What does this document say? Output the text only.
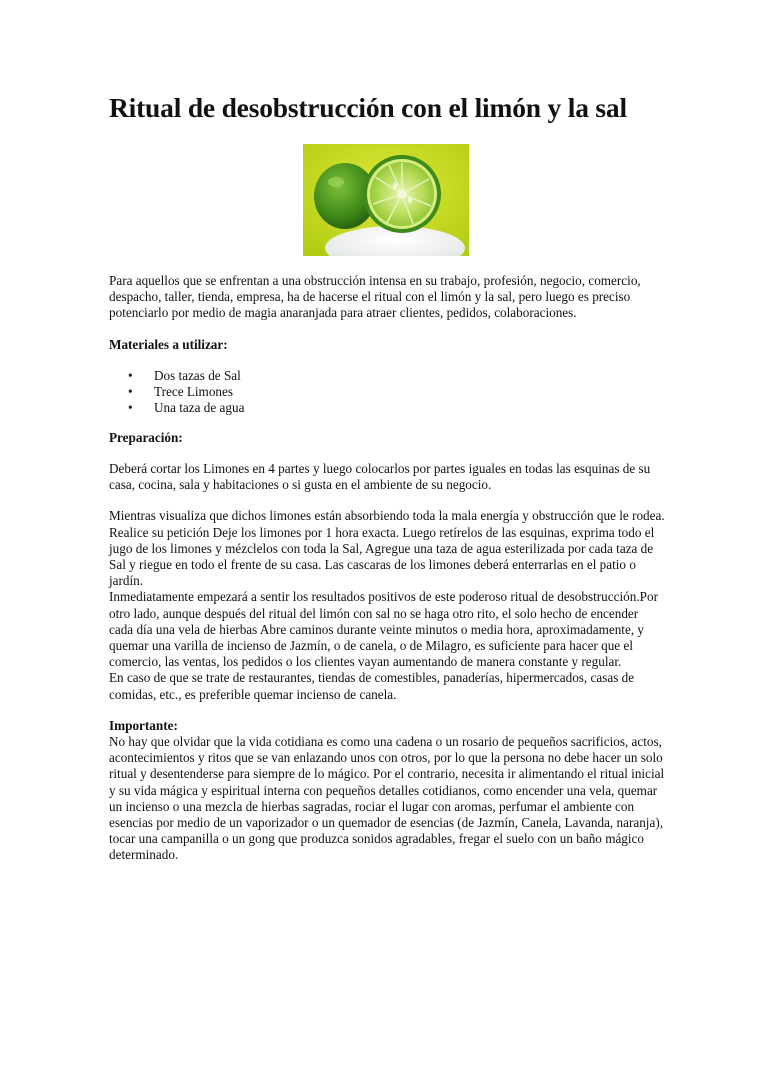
Ritual de desobstrucción con el limón y la sal

Para aquellos que se enfrentan a una obstrucción intensa en su trabajo, profesión, negocio, comercio, despacho, taller, tienda, empresa, ha de hacerse el ritual con el limón y la sal, pero luego es preciso potenciarlo por medio de magia anaranjada para atraer clientes, pedidos, colaboraciones.

Materiales a utilizar:

• Dos tazas de Sal
• Trece Limones
• Una taza de agua

Preparación:

Deberá cortar los Limones en 4 partes y luego colocarlos por partes iguales en todas las esquinas de su casa, cocina, sala y habitaciones o si gusta en el ambiente de su negocio.

Mientras visualiza que dichos limones están absorbiendo toda la mala energía y obstrucción que le rodea. Realice su petición Deje los limones por 1 hora exacta. Luego retírelos de las esquinas, exprima todo el jugo de los limones y mézclelos con toda la Sal, Agregue una taza de agua esterilizada por cada taza de Sal y riegue en todo el frente de su casa. Las cascaras de los limones deberá enterrarlas en el patio o jardín.

Inmediatamente empezará a sentir los resultados positivos de este poderoso ritual de desobstrucción.Por otro lado, aunque después del ritual del limón con sal no se haga otro rito, el solo hecho de encender cada día una vela de hierbas Abre caminos durante veinte minutos o media hora, aproximadamente, y quemar una varilla de incienso de Jazmín, o de canela, o de Milagro, es suficiente para hacer que el comercio, las ventas, los pedidos o los clientes vayan aumentando de manera constante y regular.

En caso de que se trate de restaurantes, tiendas de comestibles, panaderías, hipermercados, casas de comidas, etc., es preferible quemar incienso de canela.

Importante:

No hay que olvidar que la vida cotidiana es como una cadena o un rosario de pequeños sacrificios, actos, acontecimientos y ritos que se van enlazando unos con otros, por lo que la persona no debe hacer un solo ritual y desentenderse para siempre de lo mágico. Por el contrario, necesita ir alimentando el ritual inicial y su vida mágica y espiritual interna con pequeños detalles cotidianos, como encender una vela, quemar un incienso o una mezcla de hierbas sagradas, rociar el lugar con aromas, perfumar el ambiente con esencias por medio de un vaporizador o un quemador de esencias (de Jazmín, Canela, Lavanda, naranja), tocar una campanilla o un gong que produzca sonidos agradables, fregar el suelo con un baño mágico determinado.
